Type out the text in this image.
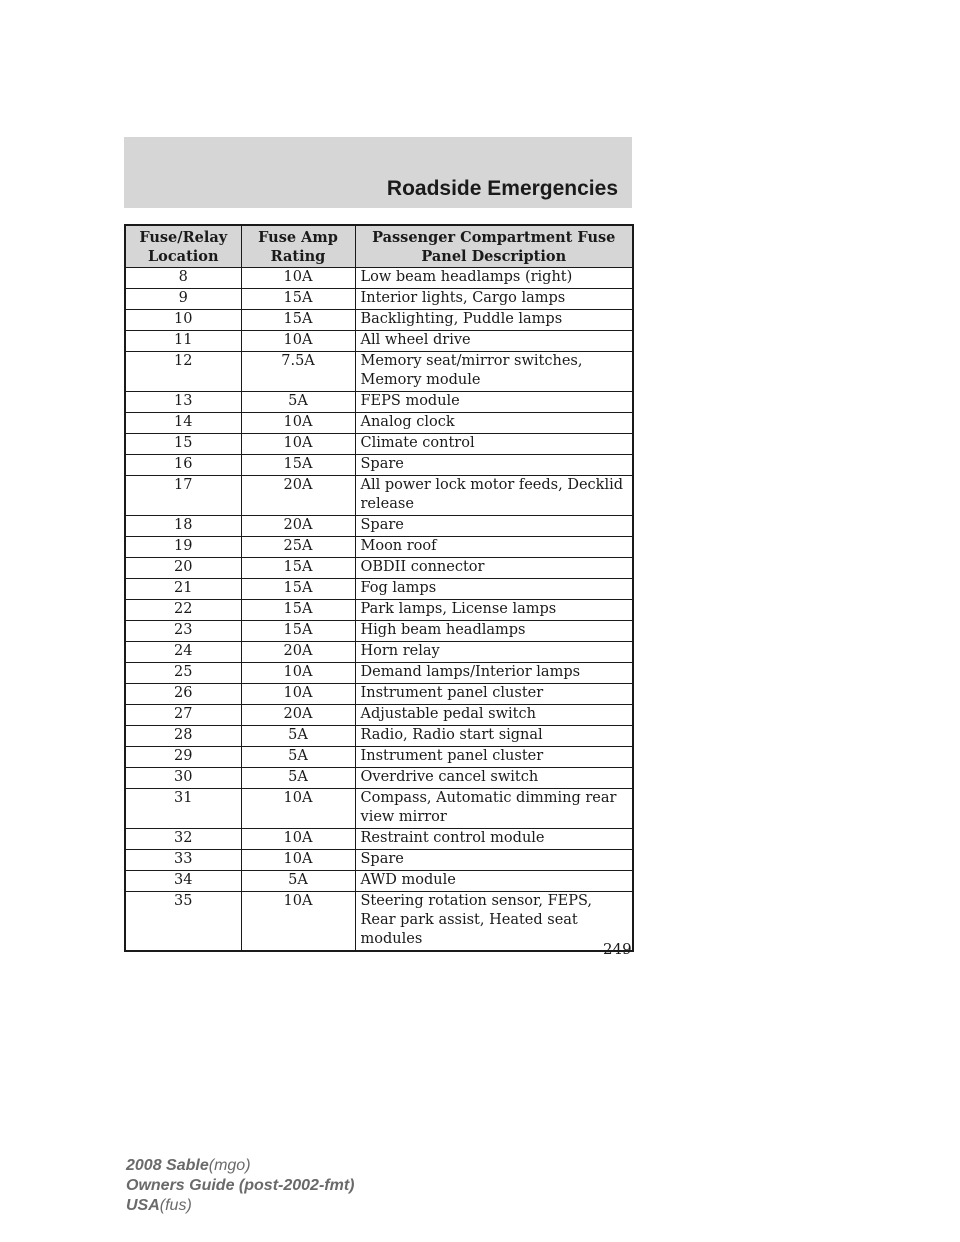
Roadside Emergencies
Fuse/Relay Location	Fuse Amp Rating	Passenger Compartment Fuse Panel Description
8	10A	Low beam headlamps (right)
9	15A	Interior lights, Cargo lamps
10	15A	Backlighting, Puddle lamps
11	10A	All wheel drive
12	7.5A	Memory seat/mirror switches, Memory module
13	5A	FEPS module
14	10A	Analog clock
15	10A	Climate control
16	15A	Spare
17	20A	All power lock motor feeds, Decklid release
18	20A	Spare
19	25A	Moon roof
20	15A	OBDII connector
21	15A	Fog lamps
22	15A	Park lamps, License lamps
23	15A	High beam headlamps
24	20A	Horn relay
25	10A	Demand lamps/Interior lamps
26	10A	Instrument panel cluster
27	20A	Adjustable pedal switch
28	5A	Radio, Radio start signal
29	5A	Instrument panel cluster
30	5A	Overdrive cancel switch
31	10A	Compass, Automatic dimming rear view mirror
32	10A	Restraint control module
33	10A	Spare
34	5A	AWD module
35	10A	Steering rotation sensor, FEPS, Rear park assist, Heated seat modules
249
2008 Sable(mgo)
Owners Guide (post-2002-fmt)
USA(fus)
